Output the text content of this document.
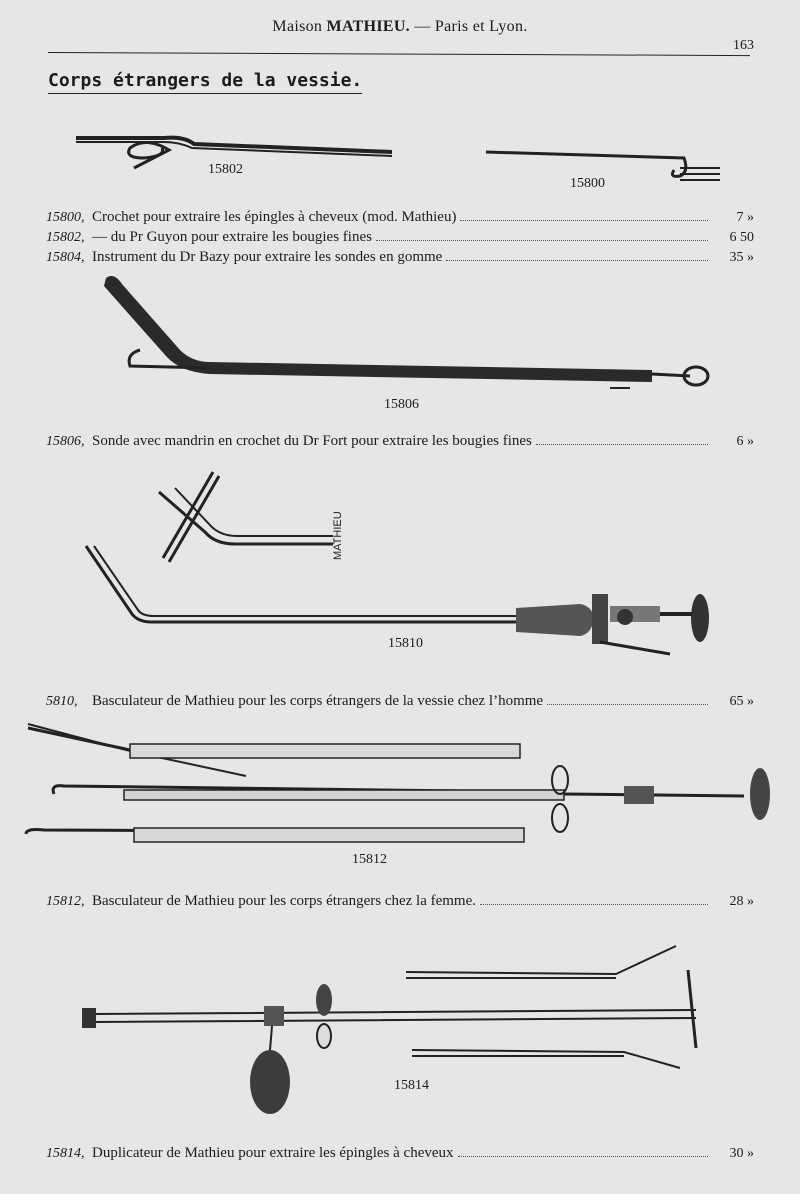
Maison MATHIEU. — Paris et Lyon.
163
Corps étrangers de la vessie.
15802
15800
15800, Crochet pour extraire les épingles à cheveux (mod. Mathieu)	7 »
15802, — du Pr Guyon pour extraire les bougies fines	6 50
15804, Instrument du Dr Bazy pour extraire les sondes en gomme	35 »
15806
15806, Sonde avec mandrin en crochet du Dr Fort pour extraire les bougies fines	6 »
MATHIEU
15810
5810, Basculateur de Mathieu pour les corps étrangers de la vessie chez l’homme	65 »
15812
15812, Basculateur de Mathieu pour les corps étrangers chez la femme.	28 »
15814
15814, Duplicateur de Mathieu pour extraire les épingles à cheveux	30 »
